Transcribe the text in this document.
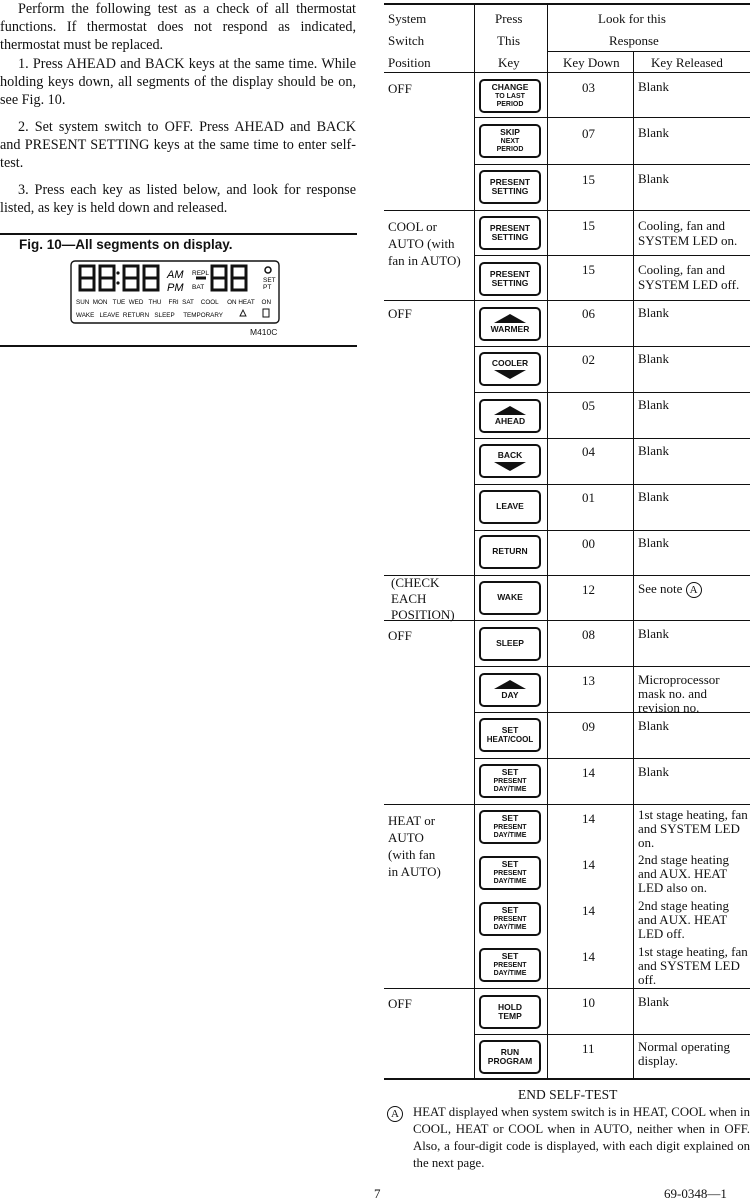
Perform the following test as a check of all thermostat functions. If thermostat does not respond as indicated, thermostat must be replaced.

1. Press AHEAD and BACK keys at the same time. While holding keys down, all segments of the display should be on, see Fig. 10.

2. Set system switch to OFF. Press AHEAD and BACK and PRESENT SETTING keys at the same time to enter self-test.

3. Press each key as listed below, and look for response listed, as key is held down and released.

Fig. 10—All segments on display.
AM
PM
REPL
BAT
SET
PT
SUN  MON   TUE  WED   THU    FRI  SAT    COOL     ON HEAT    ON
WAKE   LEAVE  RETURN   SLEEP     TEMPORARY
M410C
System
Switch
Position
Press
This
Key
Look for this
Response
Key Down Key Released
OFF
COOL or
AUTO (with
fan in AUTO)
OFF
(CHECK
EACH
POSITION)
OFF
HEAT or
AUTO
(with fan
in AUTO)
OFF
CHANGE
TO LAST
PERIOD
SKIP
NEXT
PERIOD
PRESENT
SETTING
PRESENT
SETTING
PRESENT
SETTING
WARMER
COOLER
AHEAD
BACK
LEAVE
RETURN
WAKE
SLEEP
DAY
SET
HEAT/COOL
SET
PRESENT
DAY/TIME
SET
PRESENT
DAY/TIME
SET
PRESENT
DAY/TIME
SET
PRESENT
DAY/TIME
SET
PRESENT
DAY/TIME
HOLD
TEMP
RUN
PROGRAM
03
07
15
15
15
06
02
05
04
01
00
12
08
13
09
14
14
14
14
14
10
11
Blank
Blank
Blank
Cooling, fan and SYSTEM LED on.
Cooling, fan and SYSTEM LED off.
Blank
Blank
Blank
Blank
Blank
Blank
See note A
Blank
Microprocessor mask no. and revision no.
Blank
Blank
1st stage heating, fan and SYSTEM LED on.
2nd stage heating and AUX. HEAT LED also on.
2nd stage heating and AUX. HEAT LED off.
1st stage heating, fan and SYSTEM LED off.
Blank
Normal operating display.
END SELF-TEST
A	HEAT displayed when system switch is in HEAT, COOL when in COOL, HEAT or COOL when in AUTO, neither when in OFF. Also, a four-digit code is displayed, with each digit explained on the next page.
7	69-0348—1
